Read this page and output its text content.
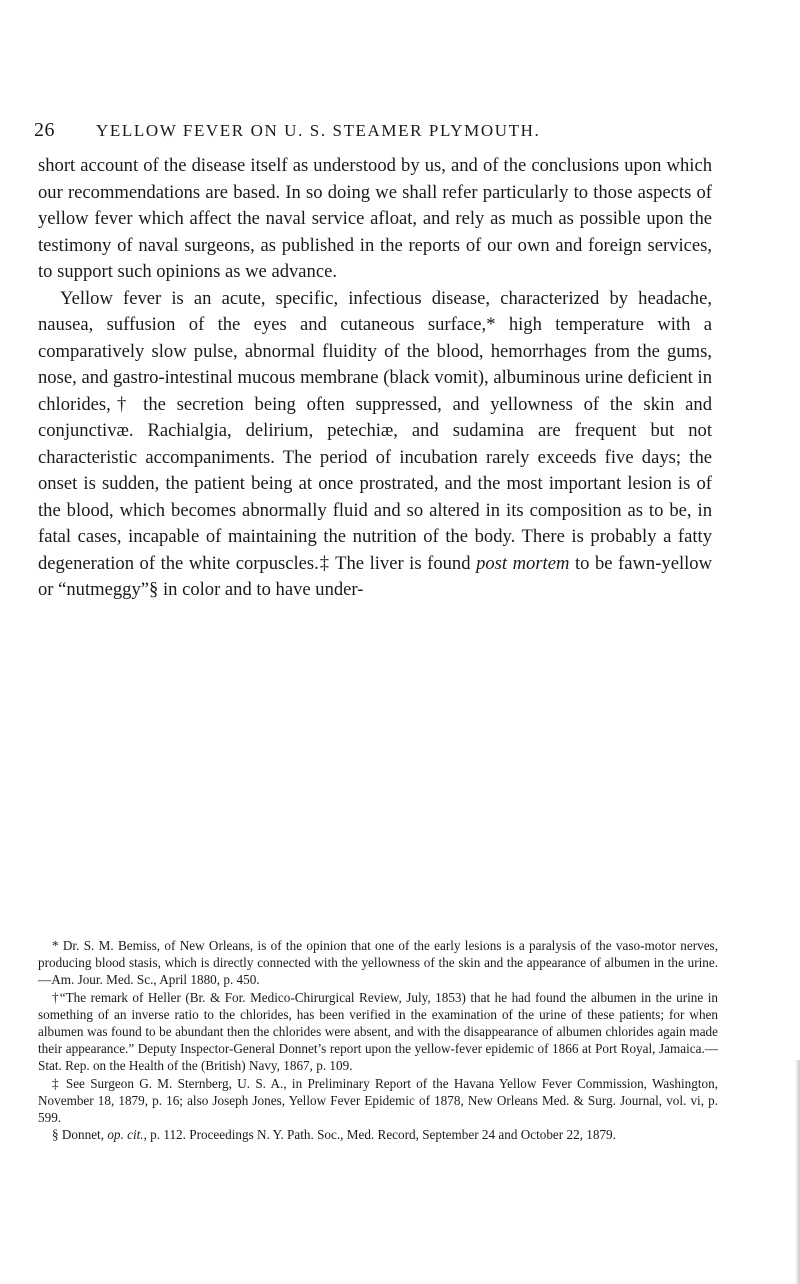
26 YELLOW FEVER ON U. S. STEAMER PLYMOUTH.

short account of the disease itself as understood by us, and of the conclusions upon which our recommendations are based. In so doing we shall refer particularly to those aspects of yellow fever which affect the naval service afloat, and rely as much as possible upon the testimony of naval surgeons, as published in the reports of our own and foreign services, to support such opinions as we advance.

Yellow fever is an acute, specific, infectious disease, characterized by headache, nausea, suffusion of the eyes and cutaneous surface,* high temperature with a comparatively slow pulse, abnormal fluidity of the blood, hemorrhages from the gums, nose, and gastro-intestinal mucous membrane (black vomit), albuminous urine deficient in chlorides,† the secretion being often suppressed, and yellowness of the skin and conjunctivæ. Rachialgia, delirium, petechiæ, and sudamina are frequent but not characteristic accompaniments. The period of incubation rarely exceeds five days; the onset is sudden, the patient being at once prostrated, and the most important lesion is of the blood, which becomes abnormally fluid and so altered in its composition as to be, in fatal cases, incapable of maintaining the nutrition of the body. There is probably a fatty degeneration of the white corpuscles.‡ The liver is found post mortem to be fawn-yellow or “nutmeggy”§ in color and to have under-

* Dr. S. M. Bemiss, of New Orleans, is of the opinion that one of the early lesions is a paralysis of the vaso-motor nerves, producing blood stasis, which is directly connected with the yellowness of the skin and the appearance of albumen in the urine.—Am. Jour. Med. Sc., April 1880, p. 450.

†“The remark of Heller (Br. & For. Medico-Chirurgical Review, July, 1853) that he had found the albumen in the urine in something of an inverse ratio to the chlorides, has been verified in the examination of the urine of these patients; for when albumen was found to be abundant then the chlorides were absent, and with the disappearance of albumen chlorides again made their appearance.” Deputy Inspector-General Donnet’s report upon the yellow-fever epidemic of 1866 at Port Royal, Jamaica.—Stat. Rep. on the Health of the (British) Navy, 1867, p. 109.

‡ See Surgeon G. M. Sternberg, U. S. A., in Preliminary Report of the Havana Yellow Fever Commission, Washington, November 18, 1879, p. 16; also Joseph Jones, Yellow Fever Epidemic of 1878, New Orleans Med. & Surg. Journal, vol. vi, p. 599.

§ Donnet, op. cit., p. 112. Proceedings N. Y. Path. Soc., Med. Record, September 24 and October 22, 1879.
